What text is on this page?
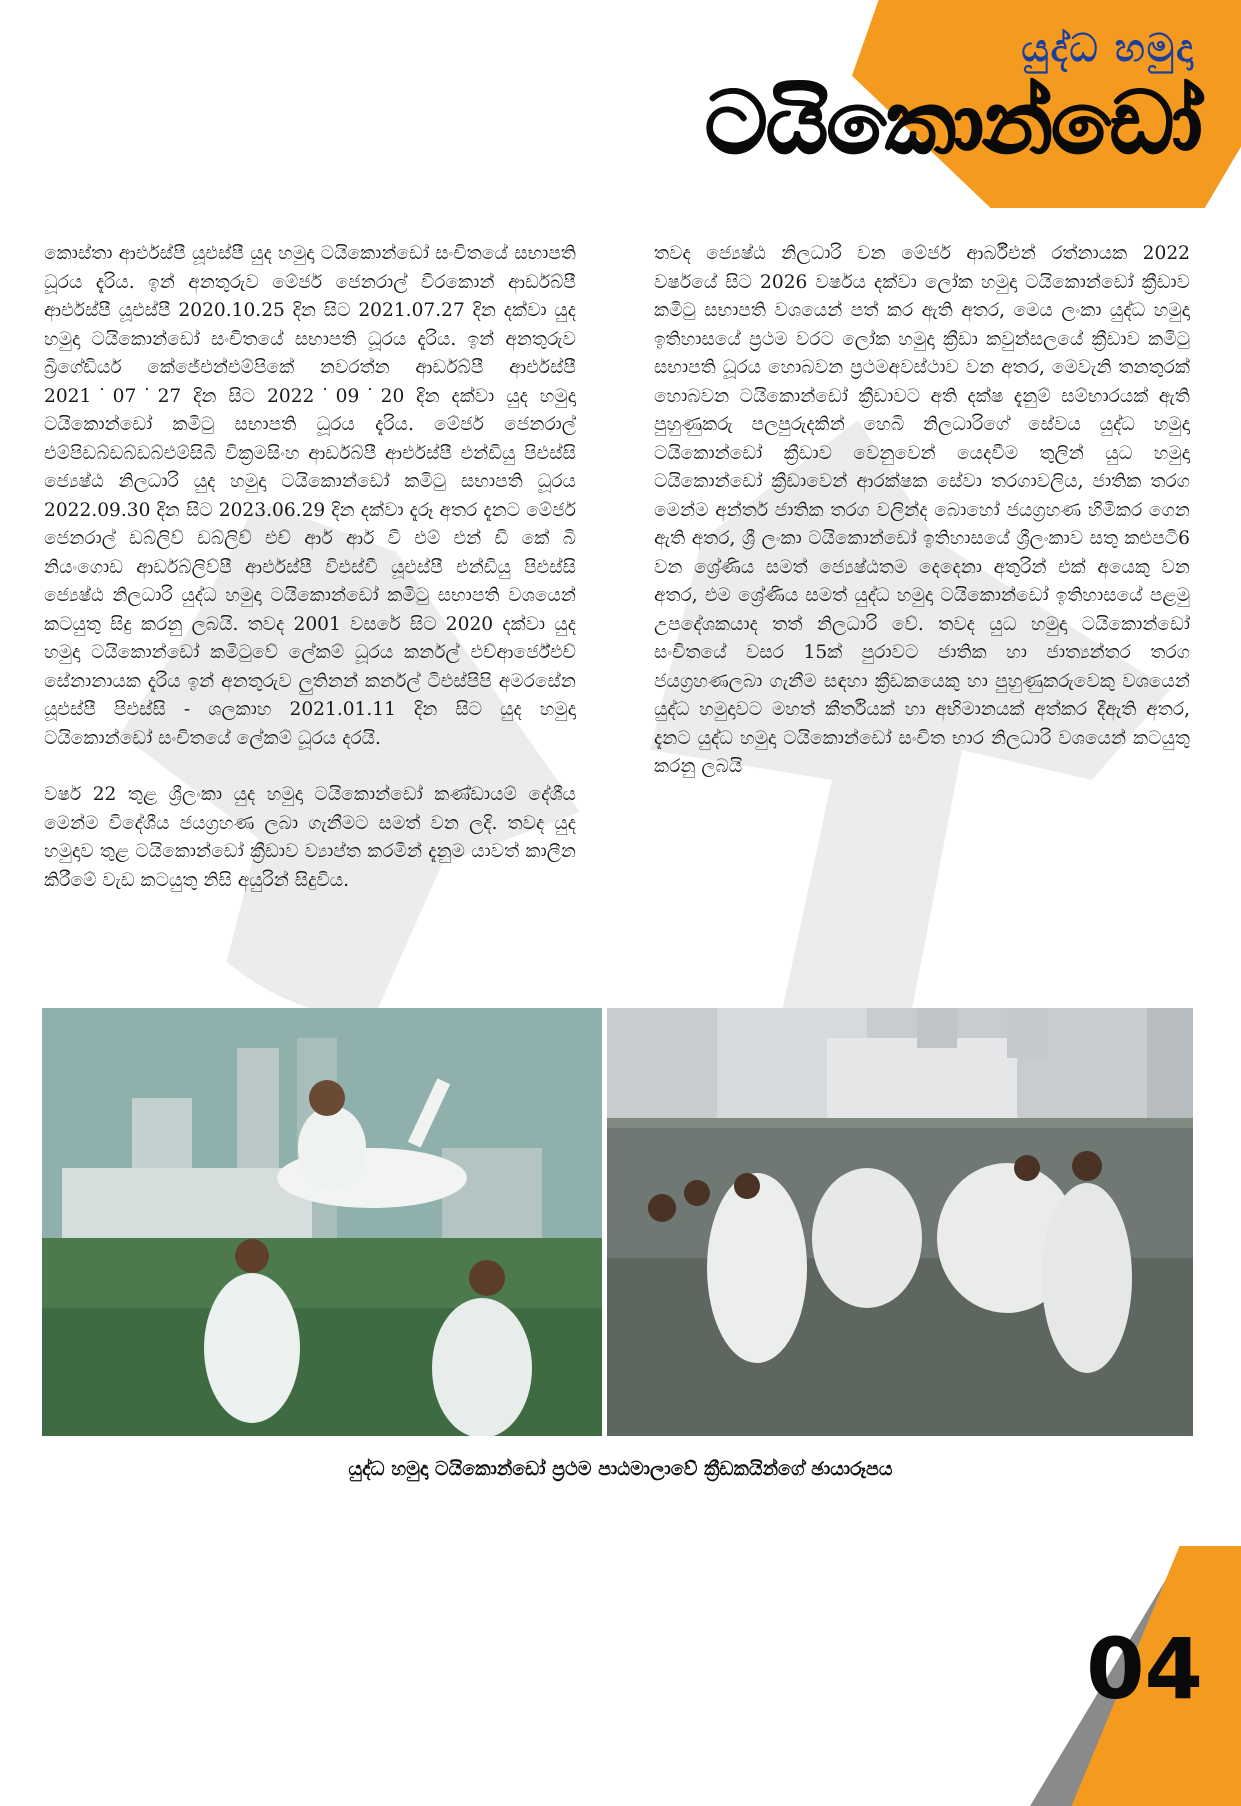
යුද්ධ හමුදා
ටයිකොන්ඩෝ

කොස්තා ආර්එස්පී යූඑස්පී යුද හමුදා ටයිකොන්ඩෝ සංචිතයේ සභාපති ධූරය දැරිය. ඉන් අනතුරුව මේජර් ජෙනරාල් වීරකොන් ආර්ඩබ්පී ආර්එස්පී යූඑස්පී 2020.10.25 දින සිට 2021.07.27 දින දක්වා යුද හමුදා ටයිකොන්ඩෝ සංචිතයේ සභාපති ධූරය දැරිය. ඉන් අනතුරුව බ්‍රිගේඩියර් කේජේඑන්එම්පිකේ නවරත්න ආර්ඩබ්පී ආර්එස්පී 2021˙07˙27 දින සිට 2022˙09˙20 දින දක්වා යුද හමුදා ටයිකොන්ඩෝ කමිටු සභාපති ධූරය දැරිය. මේජර් ජෙනරාල් එම්පිඩබ්ඩබ්ඩබ්එම්සිබි වික්‍රමසිංහ ආර්ඩබ්පී ආර්එස්පී එන්ඩියු පිඑස්සි ජ්‍යෙෂ්ඨ නිලධාරි යුද හමුදා ටයිකොන්ඩෝ කමිටු සභාපති ධූරය 2022.09.30 දින සිට 2023.06.29 දින දක්වා දැරූ අතර දැනට මේජර් ජෙනරාල් ඩබ්ලිව් ඩබ්ලිව් එච් ආර් ආර් වි එම් එන් ඩි කේ බි නියංගොඩ ආර්ඩබ්ලිව්පී ආර්එස්පී විඑස්වී යූඑස්පී එන්ඩියු පිඑස්සි ජ්‍යෙෂ්ඨ නිලධාරි යුද්ධ හමුදා ටයිකොන්ඩෝ කමිටු සභාපති වශයෙන් කටයුතු සිදු කරනු ලබයි. තවද 2001 වසරේ සිට 2020 දක්වා යුද හමුදා ටයිකොන්ඩෝ කමිටුවේ ලේකම් ධූරය කර්නල් එච්ආර්ජේඑච් සේනානායක දැරිය ඉන් අනතුරුව ලුතිනන් කර්නල් ටිඑස්පිපි අමරසේන යූඑස්පී පිඑස්සි - ශලකාහ 2021.01.11 දින සිට යුද හමුදා ටයිකොන්ඩෝ සංචිතයේ ලේකම් ධූරය දරයි.

වර්ෂ 22 තුළ ශ්‍රීලංකා යුද හමුදා ටයිකොන්ඩෝ කණ්ඩායම් දේශීය මෙන්ම විදේශීය ජයග්‍රහණ ලබා ගැනීමට සමත් වන ලදි. තවද යුද හමුදාව තුළ ටයිකොන්ඩෝ ක්‍රීඩාව ව්‍යාප්ත කරමින් දැනුම යාවත් කාලීන කිරීමේ වැඩ කටයුතු නිසි අයුරින් සිදුවිය.

තවද ජ්‍යෙෂ්ඨ නිලධාරි වන මේජර් ආර්බීඑන් රත්නායක 2022 වර්ෂයේ සිට 2026 වර්ෂය දක්වා ලෝක හමුදා ටයිකොන්ඩෝ ක්‍රීඩාව කමිටු සභාපති වශයෙන් පත් කර ඇති අතර, මෙය ලංකා යුද්ධ හමුදා ඉතිහාසයේ ප්‍රථම වරට ලෝක හමුදා ක්‍රීඩා කවුන්සලයේ ක්‍රීඩාව කමිටු සභාපති ධූරය හොබවන ප්‍රථමඅවස්ථාව වන අතර, මෙවැනි තනතුරක් හොබවන ටයිකොන්ඩෝ ක්‍රීඩාවට අති දක්ෂ දැනුම් සම්භාරයක් ඇති පුහුණුකරු පලපුරුදකින් හෙබි නිලධාරිගේ සේවය යුද්ධ හමුදා ටයිකොන්ඩෝ ක්‍රීඩාව වෙනුවෙන් යෙදවීම තුලින් යුධ හමුදා ටයිකොන්ඩෝ ක්‍රීඩාවෙන් ආරක්ෂක සේවා තරගාවලිය, ජාතික තරග මෙන්ම අන්තර් ජාතික තරග වලින්ද බොහෝ ජයග්‍රහණ හිමිකර ගෙන ඇති අතර, ශ්‍රී ලංකා ටයිකොන්ඩෝ ඉතිහාසයේ ශ්‍රීලංකාව සතු කළුපටි6 වන ශ්‍රේණිය සමත් ජ්‍යෙෂ්ඨතම දෙදෙනා අතුරින් එක් අයෙකු වන අතර, එම ශ්‍රේණිය සමත් යුද්ධ හමුදා ටයිකොන්ඩෝ ඉතිහාසයේ පළමු උපදේශකයාද තත් නිලධාරි වේ. තවද යුධ හමුදා ටයිකොන්ඩෝ සංචිතයේ වසර 15ක් පුරාවට ජාතික හා ජාත්‍යන්තර තරග ජයග්‍රහණලබා ගැනීම සඳහා ක්‍රීඩකයෙකු හා පුහුණුකරුවෙකු වශයෙන් යුද්ධ හමුදාවට මහත් කීර්තියක් හා අභිමානයක් අත්කර දීඇති අතර, දැනට යුද්ධ හමුදා ටයිකොන්ඩෝ සංචිත භාර නිලධාරි වශයෙන් කටයුතු කරනු ලබයි

යුද්ධ හමුදා ටයිකොන්ඩෝ ප්‍රථම පාඨමාලාවේ ක්‍රීඩකයින්ගේ ඡායාරූපය
04
